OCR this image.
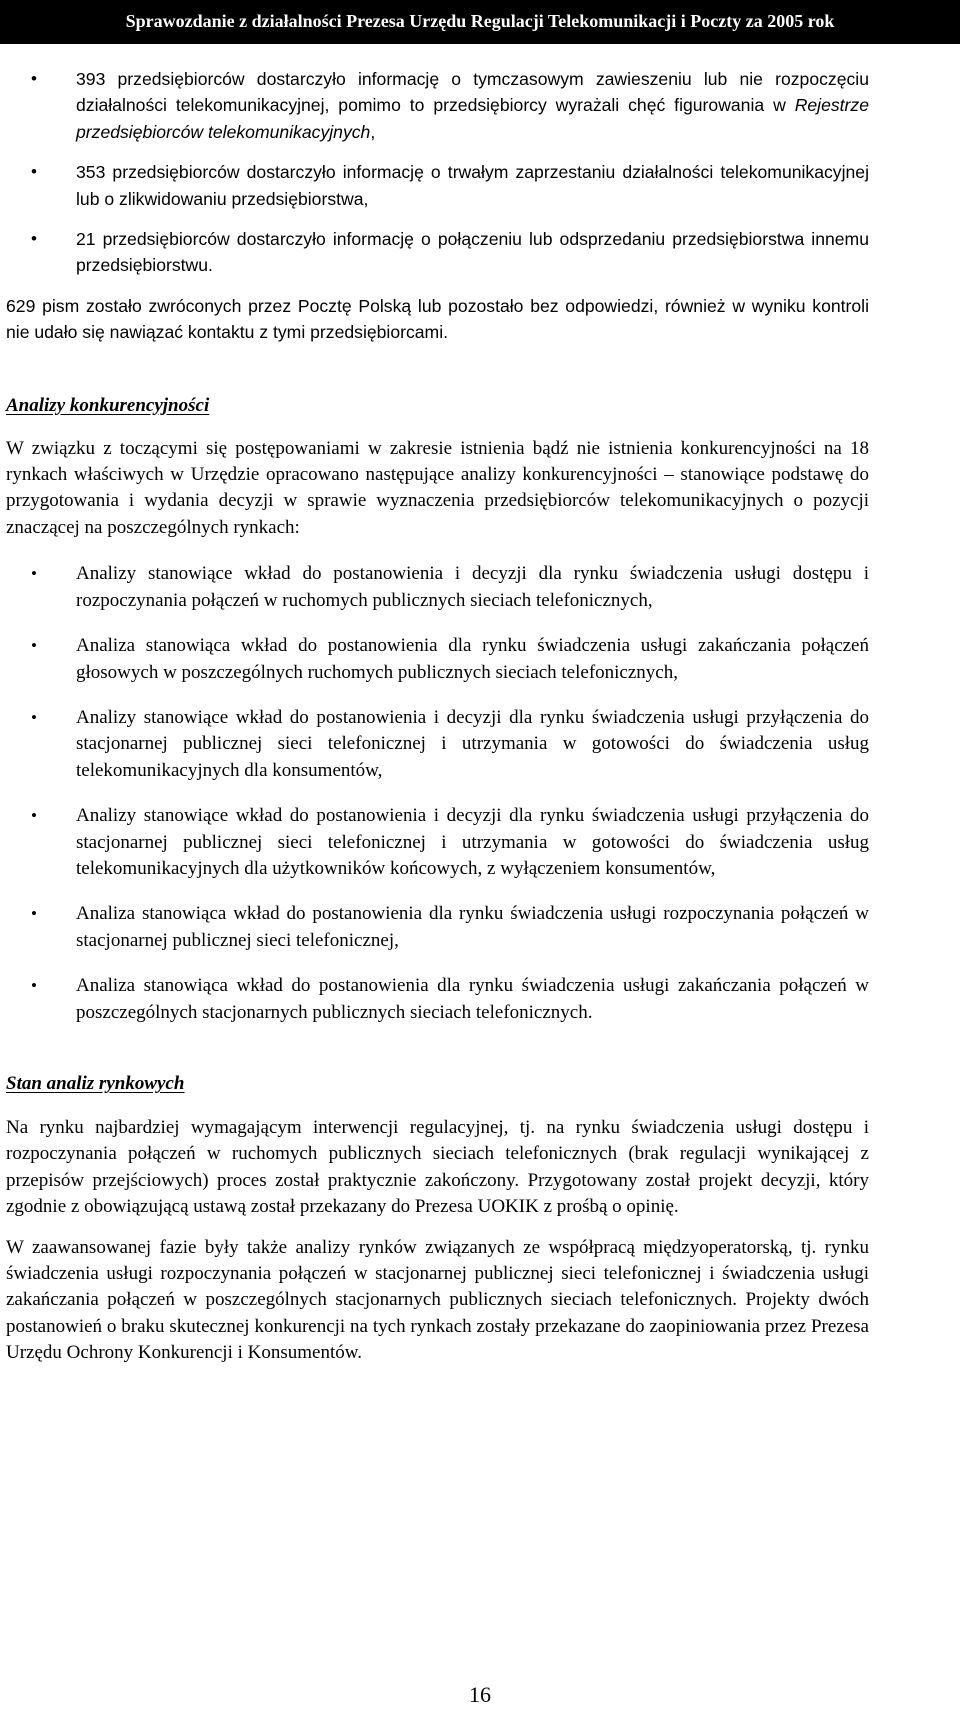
Sprawozdanie z działalności Prezesa Urzędu Regulacji Telekomunikacji i Poczty za 2005 rok
• 393 przedsiębiorców dostarczyło informację o tymczasowym zawieszeniu lub nie rozpoczęciu działalności telekomunikacyjnej, pomimo to przedsiębiorcy wyrażali chęć figurowania w Rejestrze przedsiębiorców telekomunikacyjnych,
• 353 przedsiębiorców dostarczyło informację o trwałym zaprzestaniu działalności telekomunikacyjnej lub o zlikwidowaniu przedsiębiorstwa,
• 21 przedsiębiorców dostarczyło informację o połączeniu lub odsprzedaniu przedsiębiorstwa innemu przedsiębiorstwu.

629 pism zostało zwróconych przez Pocztę Polską lub pozostało bez odpowiedzi, również w wyniku kontroli nie udało się nawiązać kontaktu z tymi przedsiębiorcami.

Analizy konkurencyjności

W związku z toczącymi się postępowaniami w zakresie istnienia bądź nie istnienia konkurencyjności na 18 rynkach właściwych w Urzędzie opracowano następujące analizy konkurencyjności – stanowiące podstawę do przygotowania i wydania decyzji w sprawie wyznaczenia przedsiębiorców telekomunikacyjnych o pozycji znaczącej na poszczególnych rynkach:

• Analizy stanowiące wkład do postanowienia i decyzji dla rynku świadczenia usługi dostępu i rozpoczynania połączeń w ruchomych publicznych sieciach telefonicznych,
• Analiza stanowiąca wkład do postanowienia dla rynku świadczenia usługi zakańczania połączeń głosowych w poszczególnych ruchomych publicznych sieciach telefonicznych,
• Analizy stanowiące wkład do postanowienia i decyzji dla rynku świadczenia usługi przyłączenia do stacjonarnej publicznej sieci telefonicznej i utrzymania w gotowości do świadczenia usług telekomunikacyjnych dla konsumentów,
• Analizy stanowiące wkład do postanowienia i decyzji dla rynku świadczenia usługi przyłączenia do stacjonarnej publicznej sieci telefonicznej i utrzymania w gotowości do świadczenia usług telekomunikacyjnych dla użytkowników końcowych, z wyłączeniem konsumentów,
• Analiza stanowiąca wkład do postanowienia dla rynku świadczenia usługi rozpoczynania połączeń w stacjonarnej publicznej sieci telefonicznej,
• Analiza stanowiąca wkład do postanowienia dla rynku świadczenia usługi zakańczania połączeń w poszczególnych stacjonarnych publicznych sieciach telefonicznych.
Stan analiz rynkowych

Na rynku najbardziej wymagającym interwencji regulacyjnej, tj. na rynku świadczenia usługi dostępu i rozpoczynania połączeń w ruchomych publicznych sieciach telefonicznych (brak regulacji wynikającej z przepisów przejściowych) proces został praktycznie zakończony. Przygotowany został projekt decyzji, który zgodnie z obowiązującą ustawą został przekazany do Prezesa UOKIK z prośbą o opinię.

W zaawansowanej fazie były także analizy rynków związanych ze współpracą międzyoperatorską, tj. rynku świadczenia usługi rozpoczynania połączeń w stacjonarnej publicznej sieci telefonicznej i świadczenia usługi zakańczania połączeń w poszczególnych stacjonarnych publicznych sieciach telefonicznych. Projekty dwóch postanowień o braku skutecznej konkurencji na tych rynkach zostały przekazane do zaopiniowania przez Prezesa Urzędu Ochrony Konkurencji i Konsumentów.

16
